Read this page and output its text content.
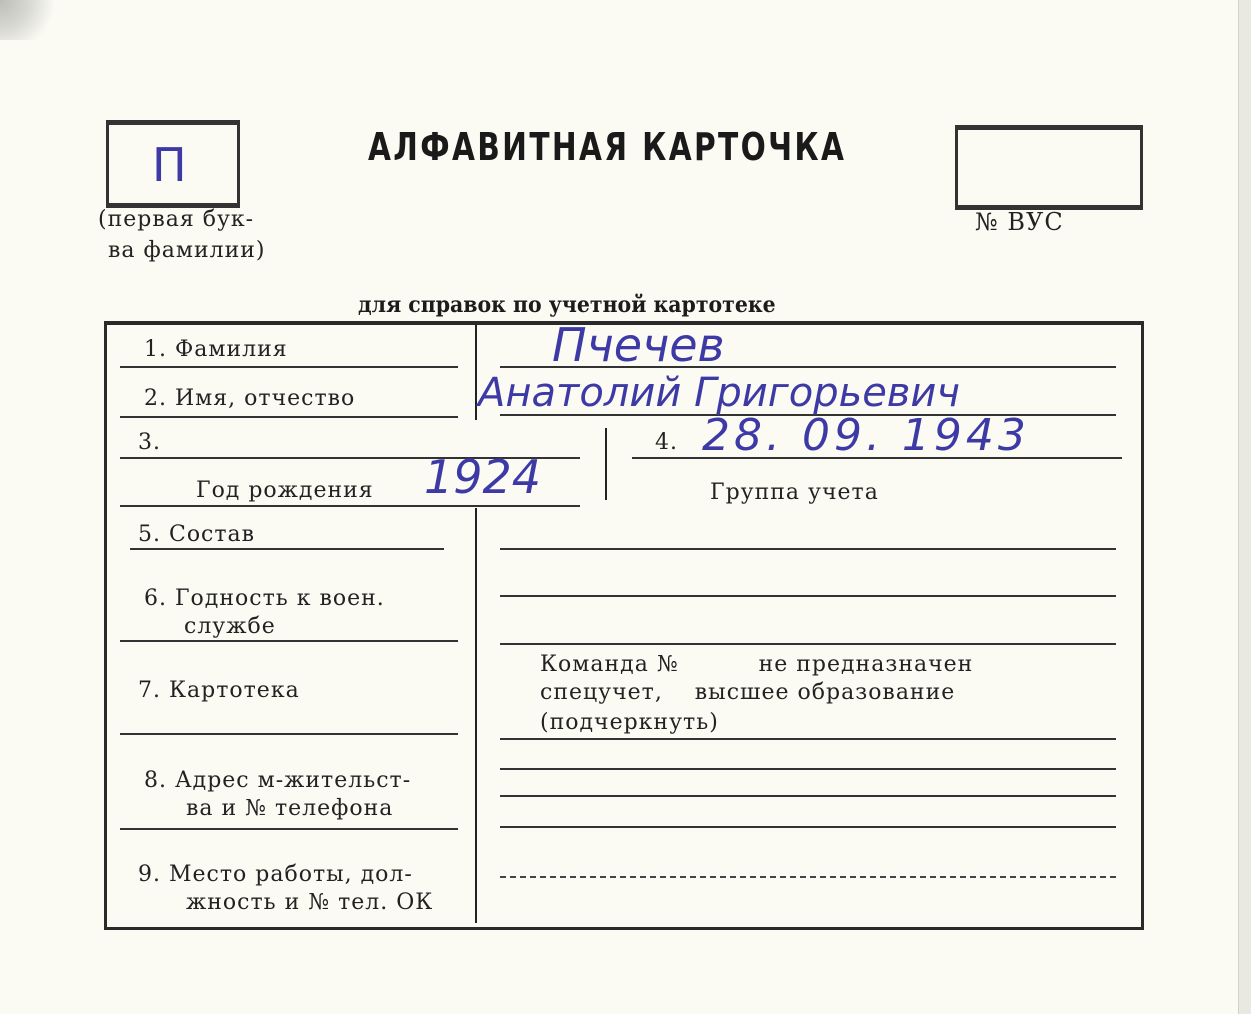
П
(первая бук-
ва фамилии)
АЛФАВИТНАЯ КАРТОЧКА
№ ВУС
для справок по учетной картотеке
1. Фамилия	Пчечев
2. Имя, отчество	Анатолий Григорьевич
3.	4. 28. 09. 1943
Год рождения 1924	Группа учета
5. Состав
6. Годность к воен.
службе
7. Картотека
Команда №          не предназначен
спецучет,    высшее образование
(подчеркнуть)
8. Адрес м-жительст-
ва и № телефона
9. Место работы, дол-
жность и № тел. ОК
